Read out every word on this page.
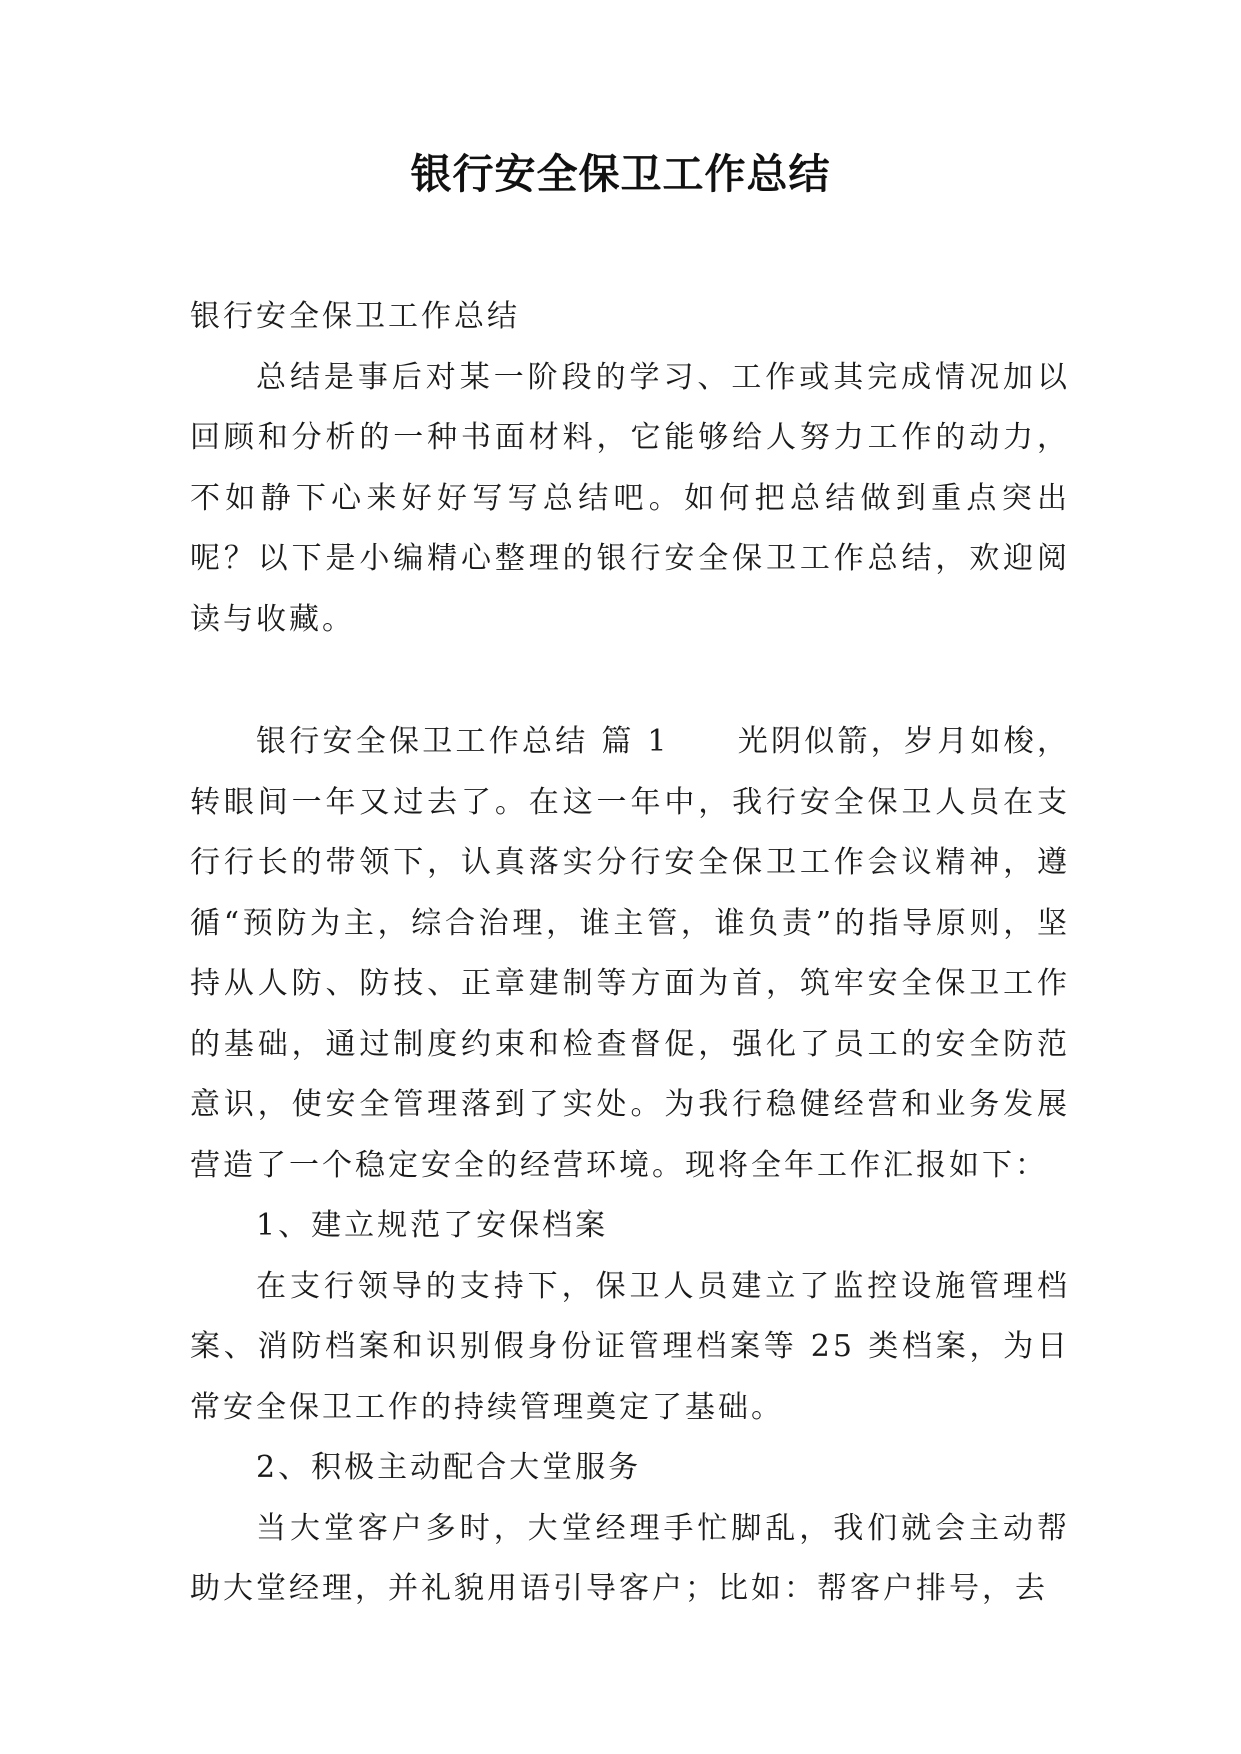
银行安全保卫工作总结

银行安全保卫工作总结

总结是事后对某一阶段的学习、工作或其完成情况加以回顾和分析的一种书面材料，它能够给人努力工作的动力，不如静下心来好好写写总结吧。如何把总结做到重点突出呢？以下是小编精心整理的银行安全保卫工作总结，欢迎阅读与收藏。

银行安全保卫工作总结 篇 1 光阴似箭，岁月如梭，转眼间一年又过去了。在这一年中，我行安全保卫人员在支行行长的带领下，认真落实分行安全保卫工作会议精神，遵循“预防为主，综合治理，谁主管，谁负责”的指导原则，坚持从人防、防技、正章建制等方面为首，筑牢安全保卫工作的基础，通过制度约束和检查督促，强化了员工的安全防范意识，使安全管理落到了实处。为我行稳健经营和业务发展营造了一个稳定安全的经营环境。现将全年工作汇报如下：

1、建立规范了安保档案

在支行领导的支持下，保卫人员建立了监控设施管理档案、消防档案和识别假身份证管理档案等 25 类档案，为日常安全保卫工作的持续管理奠定了基础。

2、积极主动配合大堂服务

当大堂客户多时，大堂经理手忙脚乱，我们就会主动帮助大堂经理，并礼貌用语引导客户；比如：帮客户排号，去
